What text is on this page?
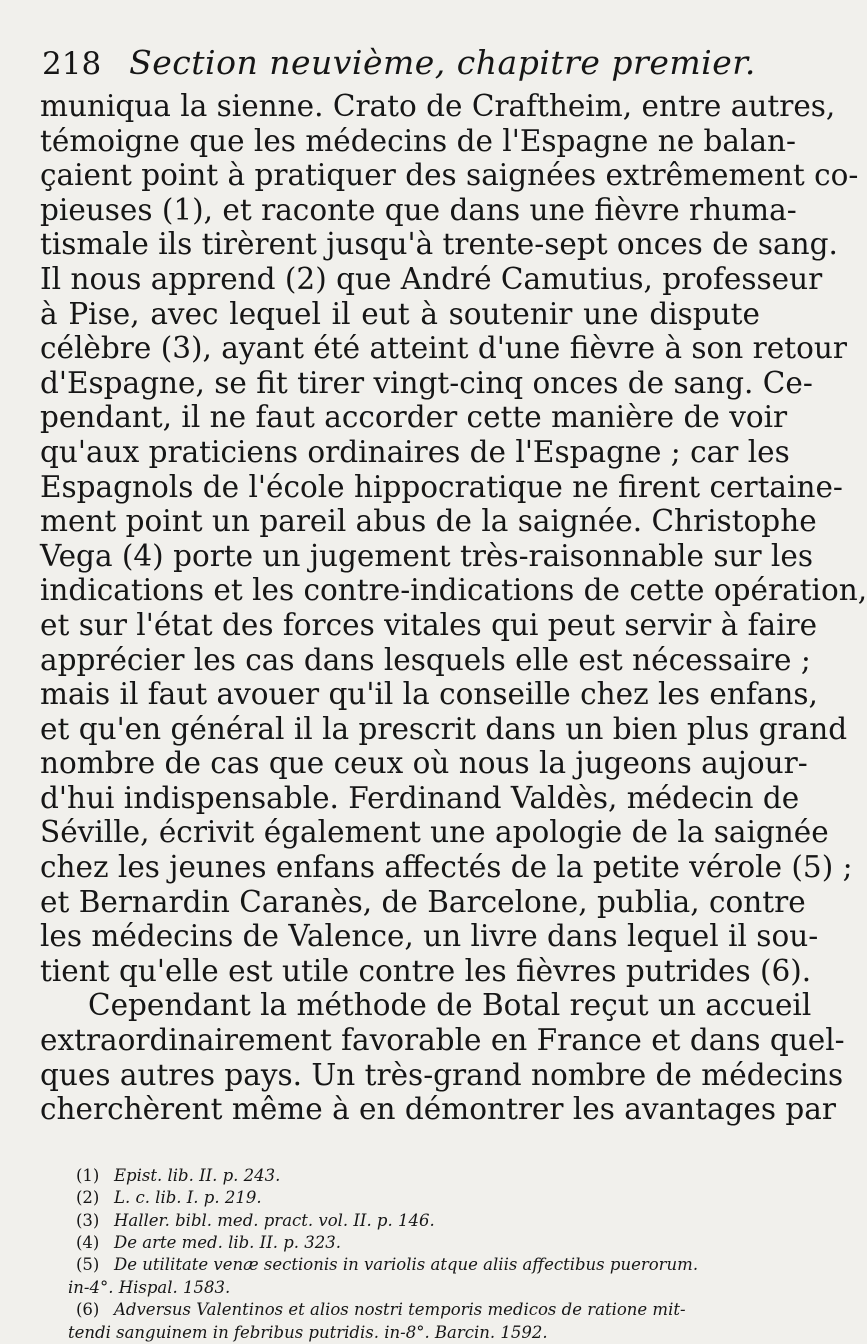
218 Section neuvième, chapitre premier.
muniqua la sienne. Crato de Craftheim, entre autres,
témoigne que les médecins de l'Espagne ne balan-
çaient point à pratiquer des saignées extrêmement co-
pieuses (1), et raconte que dans une fièvre rhuma-
tismale ils tirèrent jusqu'à trente-sept onces de sang.
Il nous apprend (2) que André Camutius, professeur
à Pise, avec lequel il eut à soutenir une dispute
célèbre (3), ayant été atteint d'une fièvre à son retour
d'Espagne, se fit tirer vingt-cinq onces de sang. Ce-
pendant, il ne faut accorder cette manière de voir
qu'aux praticiens ordinaires de l'Espagne ; car les
Espagnols de l'école hippocratique ne firent certaine-
ment point un pareil abus de la saignée. Christophe
Vega (4) porte un jugement très-raisonnable sur les
indications et les contre-indications de cette opération,
et sur l'état des forces vitales qui peut servir à faire
apprécier les cas dans lesquels elle est nécessaire ;
mais il faut avouer qu'il la conseille chez les enfans,
et qu'en général il la prescrit dans un bien plus grand
nombre de cas que ceux où nous la jugeons aujour-
d'hui indispensable. Ferdinand Valdès, médecin de
Séville, écrivit également une apologie de la saignée
chez les jeunes enfans affectés de la petite vérole (5) ;
et Bernardin Caranès, de Barcelone, publia, contre
les médecins de Valence, un livre dans lequel il sou-
tient qu'elle est utile contre les fièvres putrides (6).
Cependant la méthode de Botal reçut un accueil
extraordinairement favorable en France et dans quel-
ques autres pays. Un très-grand nombre de médecins
cherchèrent même à en démontrer les avantages par
(1) Epist. lib. II. p. 243.
(2) L. c. lib. I. p. 219.
(3) Haller. bibl. med. pract. vol. II. p. 146.
(4) De arte med. lib. II. p. 323.
(5) De utilitate venæ sectionis in variolis atque aliis affectibus puerorum.
in-4°. Hispal. 1583.
(6) Adversus Valentinos et alios nostri temporis medicos de ratione mit-
tendi sanguinem in febribus putridis. in-8°. Barcin. 1592.
